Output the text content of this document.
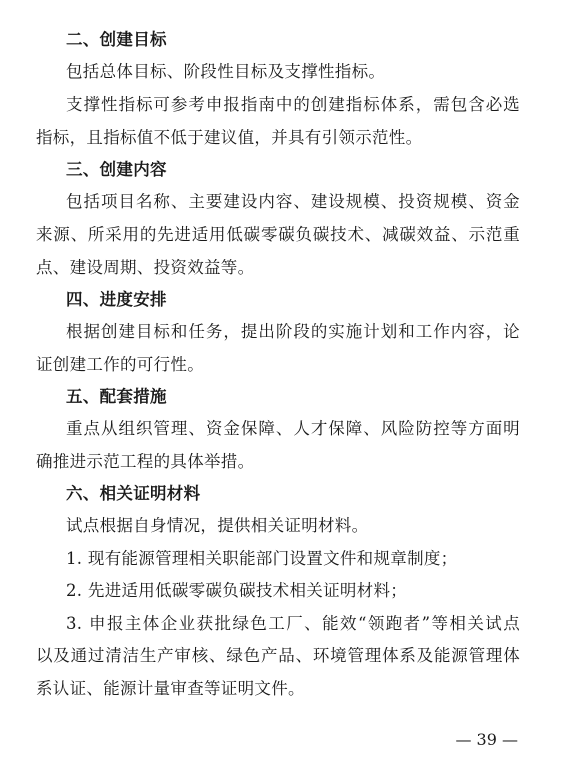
二、创建目标
包括总体目标、阶段性目标及支撑性指标。
支撑性指标可参考申报指南中的创建指标体系，需包含必选
指标，且指标值不低于建议值，并具有引领示范性。
三、创建内容
包括项目名称、主要建设内容、建设规模、投资规模、资金
来源、所采用的先进适用低碳零碳负碳技术、减碳效益、示范重
点、建设周期、投资效益等。
四、进度安排
根据创建目标和任务，提出阶段的实施计划和工作内容，论
证创建工作的可行性。
五、配套措施
重点从组织管理、资金保障、人才保障、风险防控等方面明
确推进示范工程的具体举措。
六、相关证明材料
试点根据自身情况，提供相关证明材料。
1. 现有能源管理相关职能部门设置文件和规章制度；
2. 先进适用低碳零碳负碳技术相关证明材料；
3. 申报主体企业获批绿色工厂、能效“领跑者”等相关试点
以及通过清洁生产审核、绿色产品、环境管理体系及能源管理体
系认证、能源计量审查等证明文件。
— 39 —
